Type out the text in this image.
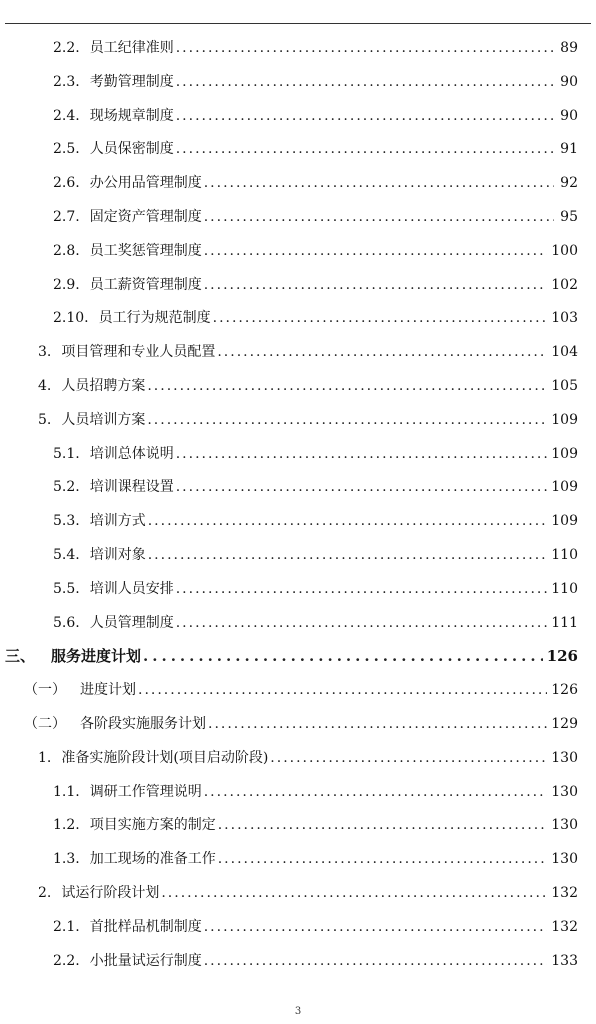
2.2. 员工纪律准则 .....	89
2.3. 考勤管理制度 .....	90
2.4. 现场规章制度 .....	90
2.5. 人员保密制度 .....	91
2.6. 办公用品管理制度 .....	92
2.7. 固定资产管理制度 .....	95
2.8. 员工奖惩管理制度 .....	100
2.9. 员工薪资管理制度 .....	102
2.10. 员工行为规范制度 .....	103
3. 项目管理和专业人员配置 .....	104
4. 人员招聘方案 .....	105
5. 人员培训方案 .....	109
5.1. 培训总体说明 .....	109
5.2. 培训课程设置 .....	109
5.3. 培训方式 .....	109
5.4. 培训对象 .....	110
5.5. 培训人员安排 .....	110
5.6. 人员管理制度 .....	111
三、 服务进度计划 .....	126
（一） 进度计划 .....	126
（二） 各阶段实施服务计划 .....	129
1. 准备实施阶段计划(项目启动阶段) .....	130
1.1. 调研工作管理说明 .....	130
1.2. 项目实施方案的制定 .....	130
1.3. 加工现场的准备工作 .....	130
2. 试运行阶段计划 .....	132
2.1. 首批样品机制制度 .....	132
2.2. 小批量试运行制度 .....	133
3
